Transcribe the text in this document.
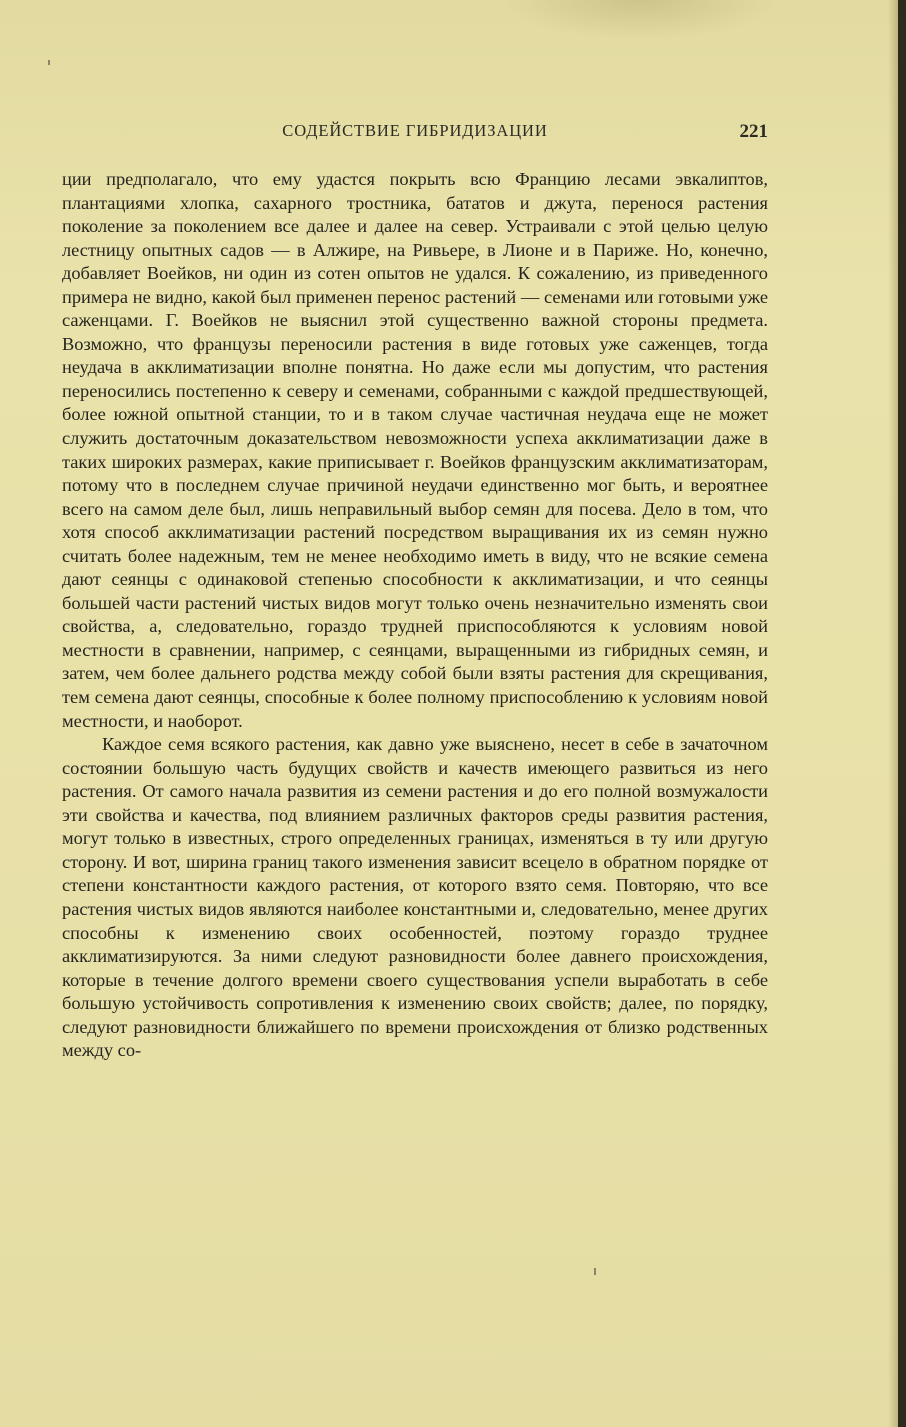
СОДЕЙСТВИЕ ГИБРИДИЗАЦИИ	221

ции предполагало, что ему удастся покрыть всю Францию лесами эвкалиптов, плантациями хлопка, сахарного тростника, бататов и джута, перенося растения поколение за поколением все далее и далее на север. Устраивали с этой целью целую лестницу опытных садов — в Алжире, на Ривьере, в Лионе и в Париже. Но, конечно, добавляет Воейков, ни один из сотен опытов не удался. К сожалению, из приведенного примера не видно, какой был применен перенос растений — семенами или готовыми уже саженцами. Г. Воейков не выяснил этой существенно важной стороны предмета. Возможно, что французы переносили растения в виде готовых уже саженцев, тогда неудача в акклиматизации вполне понятна. Но даже если мы допустим, что растения переносились постепенно к северу и семенами, собранными с каждой предшествующей, более южной опытной станции, то и в таком случае частичная неудача еще не может служить достаточным доказательством невозможности успеха акклиматизации даже в таких широких размерах, какие приписывает г. Воейков французским акклиматизаторам, потому что в последнем случае причиной неудачи единственно мог быть, и вероятнее всего на самом деле был, лишь неправильный выбор семян для посева. Дело в том, что хотя способ акклиматизации растений посредством выращивания их из семян нужно считать более надежным, тем не менее необходимо иметь в виду, что не всякие семена дают сеянцы с одинаковой степенью способности к акклиматизации, и что сеянцы большей части растений чистых видов могут только очень незначительно изменять свои свойства, а, следовательно, гораздо трудней приспособляются к условиям новой местности в сравнении, например, с сеянцами, выращенными из гибридных семян, и затем, чем более дальнего родства между собой были взяты растения для скрещивания, тем семена дают сеянцы, способные к более полному приспособлению к условиям новой местности, и наоборот.

Каждое семя всякого растения, как давно уже выяснено, несет в себе в зачаточном состоянии большую часть будущих свойств и качеств имеющего развиться из него растения. От самого начала развития из семени растения и до его полной возмужалости эти свойства и качества, под влиянием различных факторов среды развития растения, могут только в известных, строго определенных границах, изменяться в ту или другую сторону. И вот, ширина границ такого изменения зависит всецело в обратном порядке от степени константности каждого растения, от которого взято семя. Повторяю, что все растения чистых видов являются наиболее константными и, следовательно, менее других способны к изменению своих особенностей, поэтому гораздо труднее акклиматизируются. За ними следуют разновидности более давнего происхождения, которые в течение долгого времени своего существования успели выработать в себе большую устойчивость сопротивления к изменению своих свойств; далее, по порядку, следуют разновидности ближайшего по времени происхождения от близко родственных между со-
